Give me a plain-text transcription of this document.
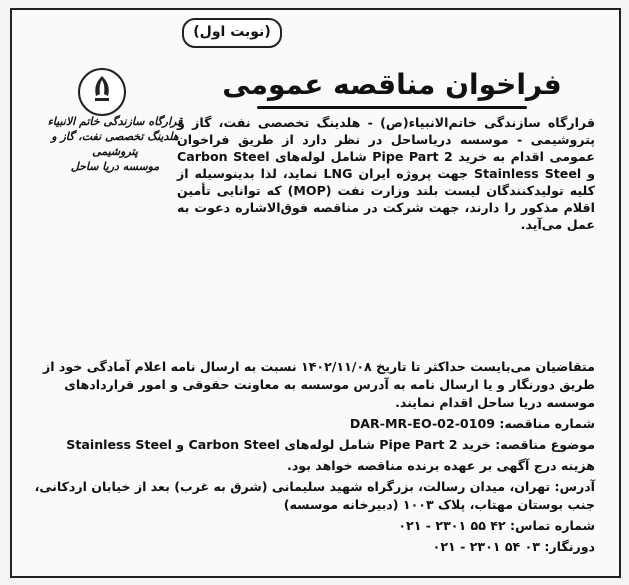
(نوبت اول)
فراخوان مناقصه عمومی
قرارگاه سازندگی خاتم الانبیاء
هلدینگ تخصصی نفت، گاز و پتروشیمی
موسسه دریا ساحل

قرارگاه سازندگی خاتم‌الانبیاء(ص) - هلدینگ تخصصی نفت، گاز و پتروشیمی - موسسه دریاساحل در نظر دارد از طریق فراخوان عمومی اقدام به خرید Pipe Part 2 شامل لوله‌های Carbon Steel و Stainless Steel جهت پروژه ایران LNG نماید، لذا بدینوسیله از کلیه تولیدکنندگان لیست بلند وزارت نفت (MOP) که توانایی تأمین اقلام مذکور را دارند، جهت شرکت در مناقصه فوق‌الاشاره دعوت به عمل می‌آید.

متقاضیان می‌بایست حداکثر تا تاریخ ۱۴۰۲/۱۱/۰۸ نسبت به ارسال نامه اعلام آمادگی خود از طریق دورنگار و یا ارسال نامه به آدرس موسسه به معاونت حقوقی و امور قراردادهای موسسه دریا ساحل اقدام نمایند.

شماره مناقصه: DAR-MR-EO-02-0109

موضوع مناقصه: خرید Pipe Part 2 شامل لوله‌های Carbon Steel و Stainless Steel

هزینه درج آگهی بر عهده برنده مناقصه خواهد بود.

آدرس: تهران، میدان رسالت، بزرگراه شهید سلیمانی (شرق به غرب) بعد از خیابان اردکانی، جنب بوستان مهتاب، پلاک ۱۰۰۳ (دبیرخانه موسسه)

شماره تماس: ۴۲ ۵۵ ۲۳۰۱ - ۰۲۱

دورنگار: ۰۳ ۵۴ ۲۳۰۱ - ۰۲۱
